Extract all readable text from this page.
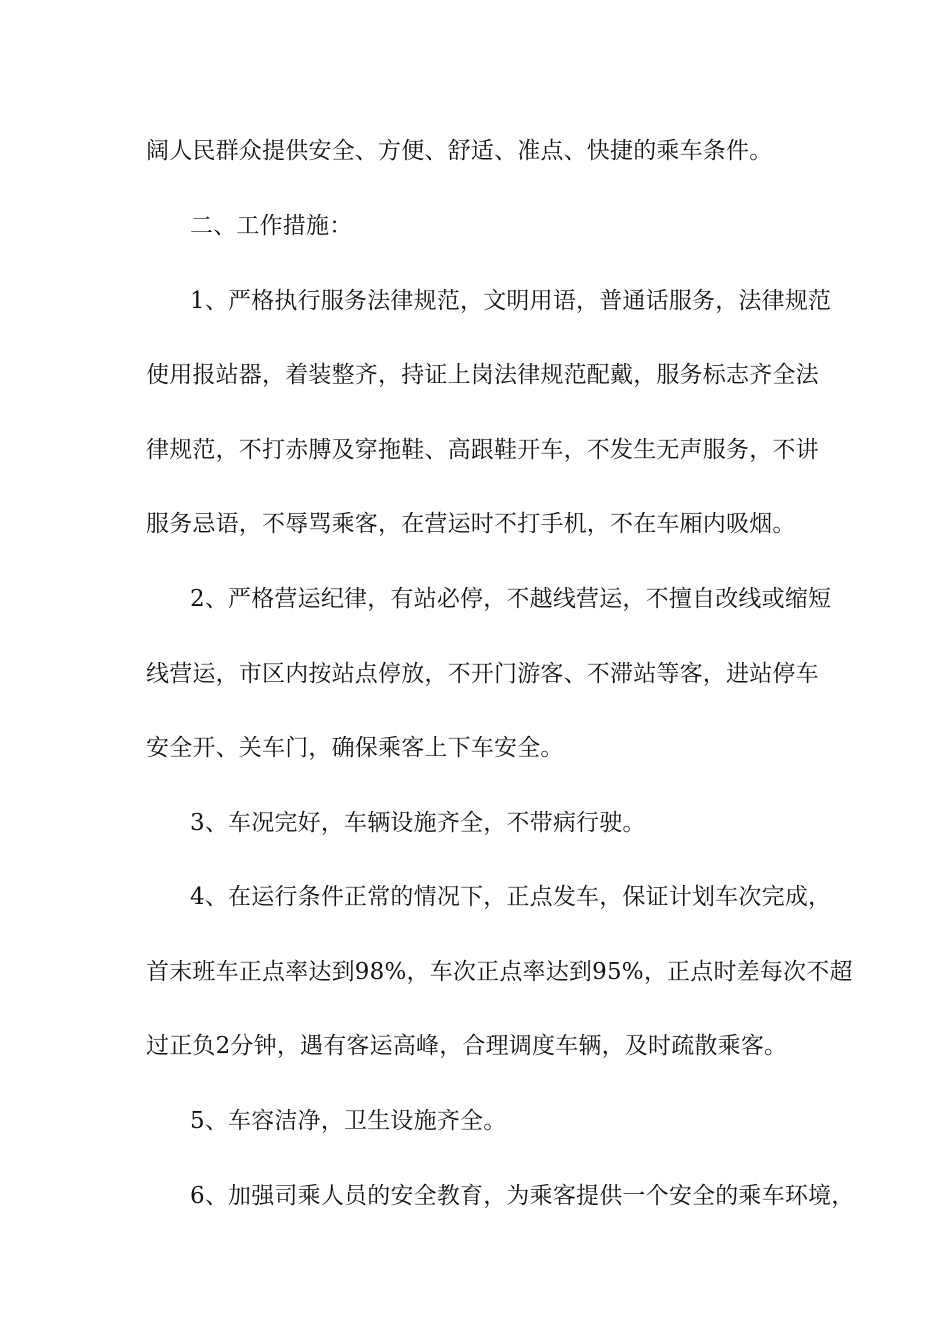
阔人民群众提供安全、方便、舒适、准点、快捷的乘车条件。
二、工作措施：
1、严格执行服务法律规范，文明用语，普通话服务，法律规范
使用报站器，着装整齐，持证上岗法律规范配戴，服务标志齐全法
律规范，不打赤膊及穿拖鞋、高跟鞋开车，不发生无声服务，不讲
服务忌语，不辱骂乘客，在营运时不打手机，不在车厢内吸烟。
2、严格营运纪律，有站必停，不越线营运，不擅自改线或缩短
线营运，市区内按站点停放，不开门游客、不滞站等客，进站停车
安全开、关车门，确保乘客上下车安全。
3、车况完好，车辆设施齐全，不带病行驶。
4、在运行条件正常的情况下，正点发车，保证计划车次完成，
首末班车正点率达到98%，车次正点率达到95%，正点时差每次不超
过正负2分钟，遇有客运高峰，合理调度车辆，及时疏散乘客。
5、车容洁净，卫生设施齐全。
6、加强司乘人员的安全教育，为乘客提供一个安全的乘车环境，
